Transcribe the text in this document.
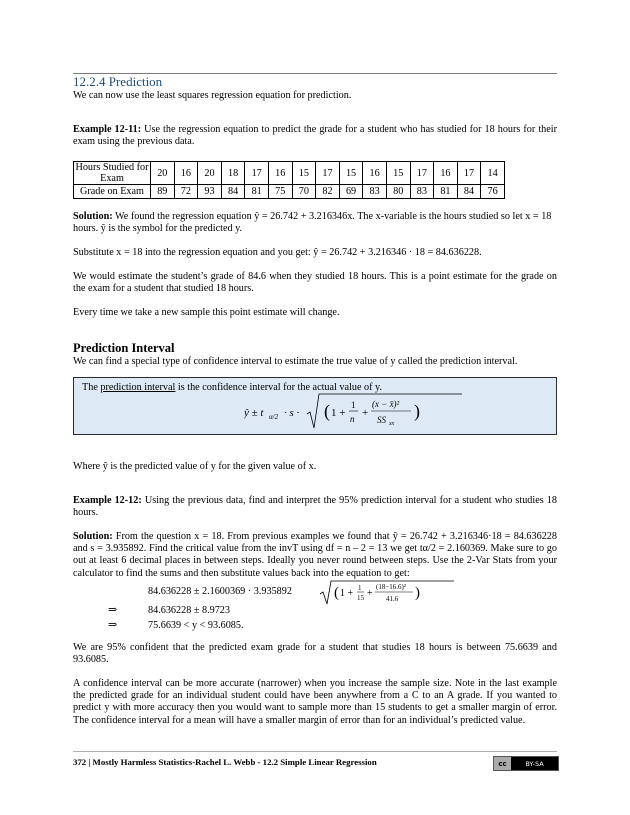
12.2.4 Prediction
We can now use the least squares regression equation for prediction.
Example 12-11: Use the regression equation to predict the grade for a student who has studied for 18 hours for their exam using the previous data.
Hours Studied for Exam	20	16	20	18	17	16	15	17	15	16	15	17	16	17	14
Grade on Exam	89	72	93	84	81	75	70	82	69	83	80	83	81	84	76
Solution: We found the regression equation ŷ = 26.742 + 3.216346x. The x-variable is the hours studied so let x = 18
hours. ŷ is the symbol for the predicted y.
Substitute x = 18 into the regression equation and you get: ŷ = 26.742 + 3.216346 · 18 = 84.636228.
We would estimate the student’s grade of 84.6 when they studied 18 hours. This is a point estimate for the grade on the exam for a student that studied 18 hours.
Every time we take a new sample this point estimate will change.
Prediction Interval
We can find a special type of confidence interval to estimate the true value of y called the prediction interval.
The prediction interval is the confidence interval for the actual value of y.
ŷ ± t α/2 · s · ( 1 +
1
n +
(x − x̄)²
SS xx
)
Where ŷ is the predicted value of y for the given value of x.
Example 12-12: Using the previous data, find and interpret the 95% prediction interval for a student who studies 18 hours.
Solution: From the question x = 18. From previous examples we found that ŷ = 26.742 + 3.216346·18 = 84.636228 and s = 3.935892. Find the critical value from the invT using df = n – 2 = 13 we get tα/2 = 2.160369. Make sure to go out at least 6 decimal places in between steps. Ideally you never round between steps. Use the 2-Var Stats from your calculator to find the sums and then substitute values back into the equation to get:
84.636228 ± 2.1600369 · 3.935892	( 1 + 1
15 +
(18−16.6)²
41.6 )
⇒	84.636228 ± 8.9723
⇒	75.6639 < y < 93.6085.
We are 95% confident that the predicted exam grade for a student that studies 18 hours is between 75.6639 and 93.6085.
A confidence interval can be more accurate (narrower) when you increase the sample size. Note in the last example the predicted grade for an individual student could have been anywhere from a C to an A grade. If you wanted to predict y with more accuracy then you would want to sample more than 15 students to get a smaller margin of error. The confidence interval for a mean will have a smaller margin of error than for an individual’s predicted value.
372 | Mostly Harmless Statistics-Rachel L. Webb - 12.2 Simple Linear Regression	cc	BY-SA
